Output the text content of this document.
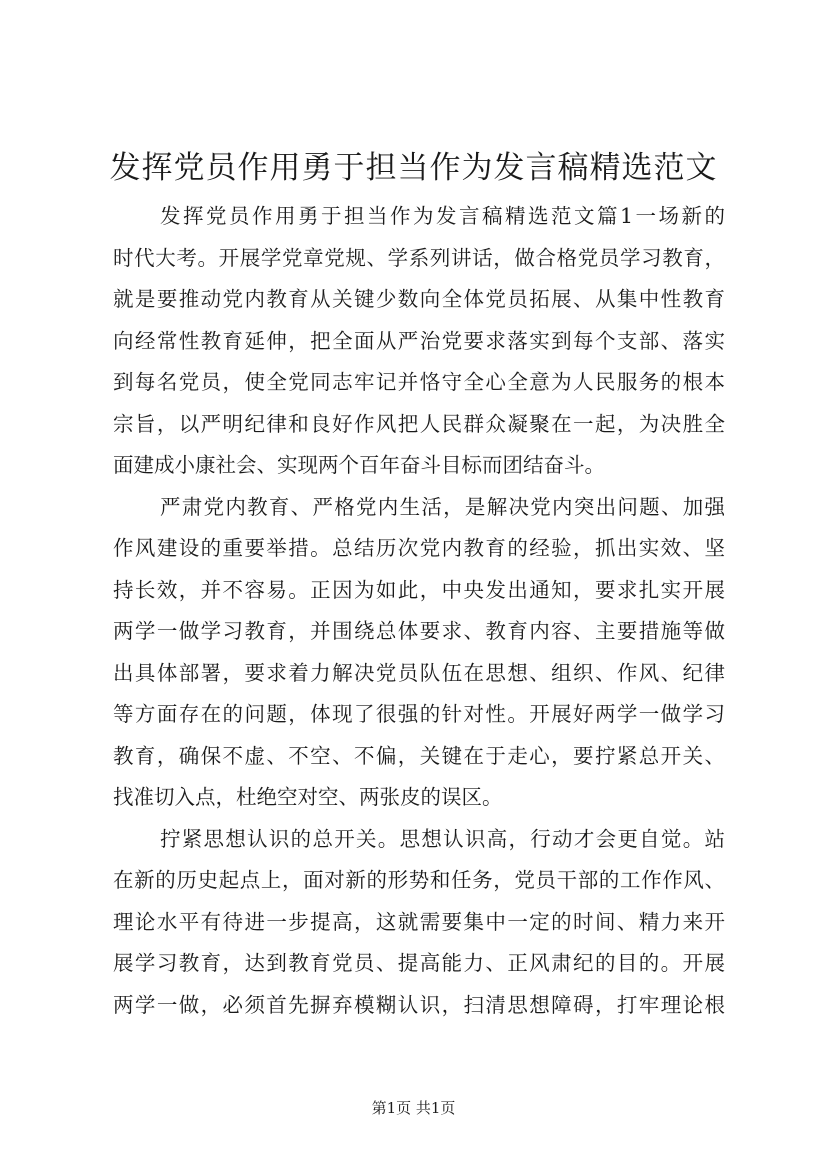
发挥党员作用勇于担当作为发言稿精选范文
发挥党员作用勇于担当作为发言稿精选范文篇1一场新的
时代大考。开展学党章党规、学系列讲话，做合格党员学习教育，
就是要推动党内教育从关键少数向全体党员拓展、从集中性教育
向经常性教育延伸，把全面从严治党要求落实到每个支部、落实
到每名党员，使全党同志牢记并恪守全心全意为人民服务的根本
宗旨，以严明纪律和良好作风把人民群众凝聚在一起，为决胜全
面建成小康社会、实现两个百年奋斗目标而团结奋斗。
严肃党内教育、严格党内生活，是解决党内突出问题、加强
作风建设的重要举措。总结历次党内教育的经验，抓出实效、坚
持长效，并不容易。正因为如此，中央发出通知，要求扎实开展
两学一做学习教育，并围绕总体要求、教育内容、主要措施等做
出具体部署，要求着力解决党员队伍在思想、组织、作风、纪律
等方面存在的问题，体现了很强的针对性。开展好两学一做学习
教育，确保不虚、不空、不偏，关键在于走心，要拧紧总开关、
找准切入点，杜绝空对空、两张皮的误区。
拧紧思想认识的总开关。思想认识高，行动才会更自觉。站
在新的历史起点上，面对新的形势和任务，党员干部的工作作风、
理论水平有待进一步提高，这就需要集中一定的时间、精力来开
展学习教育，达到教育党员、提高能力、正风肃纪的目的。开展
两学一做，必须首先摒弃模糊认识，扫清思想障碍，打牢理论根
第1页 共1页
